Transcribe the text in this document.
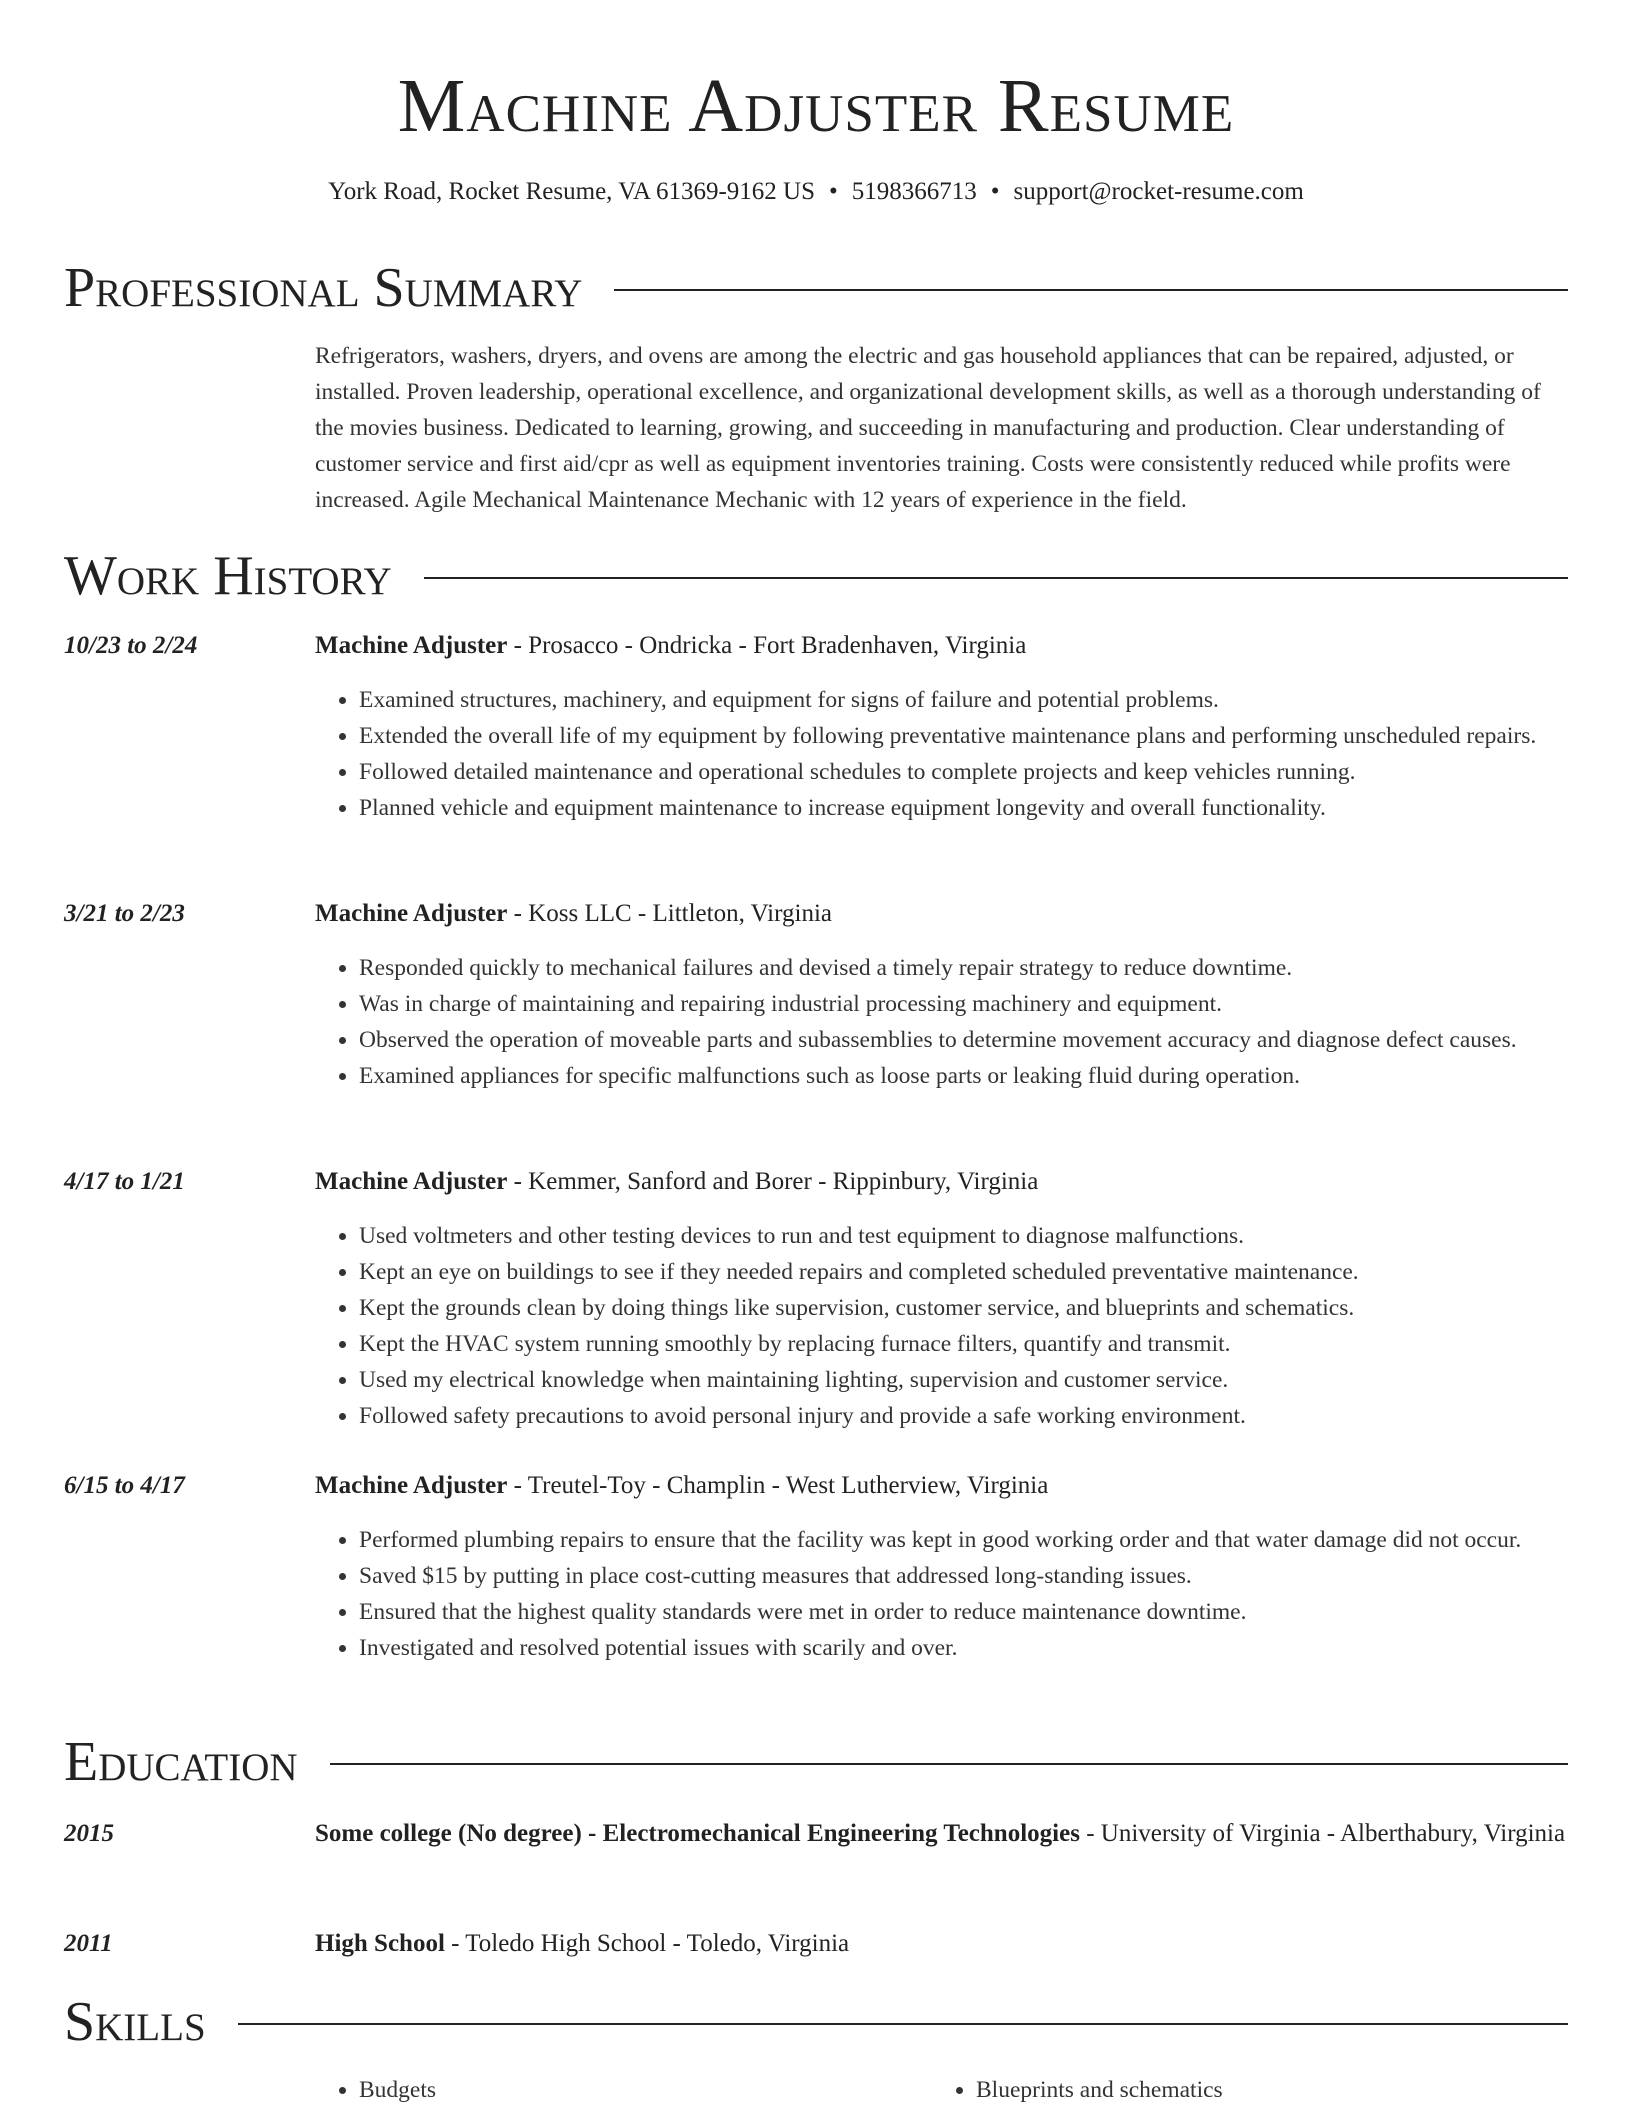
Machine Adjuster Resume
York Road, Rocket Resume, VA 61369-9162 US • 5198366713 • support@rocket-resume.com
Professional Summary
Refrigerators, washers, dryers, and ovens are among the electric and gas household appliances that can be repaired, adjusted, or installed. Proven leadership, operational excellence, and organizational development skills, as well as a thorough understanding of the movies business. Dedicated to learning, growing, and succeeding in manufacturing and production. Clear understanding of customer service and first aid/cpr as well as equipment inventories training. Costs were consistently reduced while profits were increased. Agile Mechanical Maintenance Mechanic with 12 years of experience in the field.
Work History
10/23 to 2/24	Machine Adjuster - Prosacco - Ondricka - Fort Bradenhaven, Virginia
• Examined structures, machinery, and equipment for signs of failure and potential problems.
• Extended the overall life of my equipment by following preventative maintenance plans and performing unscheduled repairs.
• Followed detailed maintenance and operational schedules to complete projects and keep vehicles running.
• Planned vehicle and equipment maintenance to increase equipment longevity and overall functionality.
3/21 to 2/23	Machine Adjuster - Koss LLC - Littleton, Virginia
• Responded quickly to mechanical failures and devised a timely repair strategy to reduce downtime.
• Was in charge of maintaining and repairing industrial processing machinery and equipment.
• Observed the operation of moveable parts and subassemblies to determine movement accuracy and diagnose defect causes.
• Examined appliances for specific malfunctions such as loose parts or leaking fluid during operation.
4/17 to 1/21	Machine Adjuster - Kemmer, Sanford and Borer - Rippinbury, Virginia
• Used voltmeters and other testing devices to run and test equipment to diagnose malfunctions.
• Kept an eye on buildings to see if they needed repairs and completed scheduled preventative maintenance.
• Kept the grounds clean by doing things like supervision, customer service, and blueprints and schematics.
• Kept the HVAC system running smoothly by replacing furnace filters, quantify and transmit.
• Used my electrical knowledge when maintaining lighting, supervision and customer service.
• Followed safety precautions to avoid personal injury and provide a safe working environment.
6/15 to 4/17	Machine Adjuster - Treutel-Toy - Champlin - West Lutherview, Virginia
• Performed plumbing repairs to ensure that the facility was kept in good working order and that water damage did not occur.
• Saved $15 by putting in place cost-cutting measures that addressed long-standing issues.
• Ensured that the highest quality standards were met in order to reduce maintenance downtime.
• Investigated and resolved potential issues with scarily and over.
Education
2015	Some college (No degree) - Electromechanical Engineering Technologies - University of Virginia - Alberthabury, Virginia
2011	High School - Toledo High School - Toledo, Virginia
Skills
• Budgets
•	Blueprints and schematics
